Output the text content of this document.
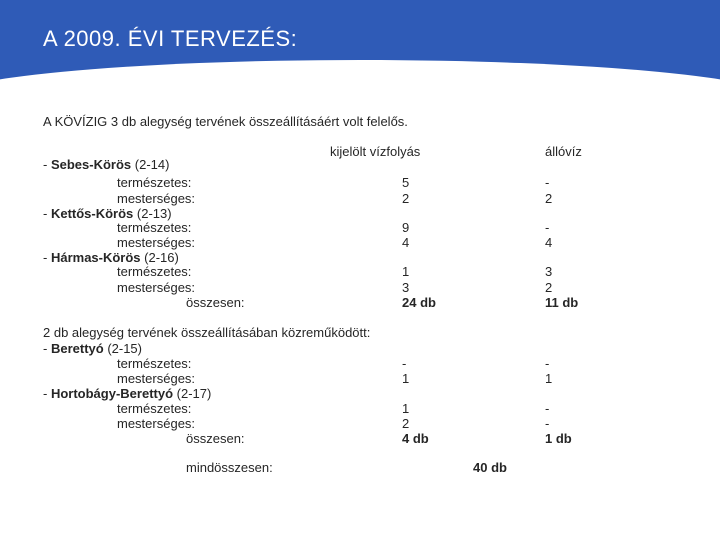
A 2009. ÉVI TERVEZÉS:
A KÖVÍZIG 3 db alegység tervének összeállításáért volt felelős.
kijelölt vízfolyás	állóvíz
- Sebes-Körös (2-14)
természetes:	5	-
mesterséges:	2	2
- Kettős-Körös (2-13)
természetes:	9	-
mesterséges:	4	4
- Hármas-Körös (2-16)
természetes:	1	3
mesterséges:	3	2
összesen:	24 db	11 db
2 db alegység tervének összeállításában közreműködött:
- Berettyó (2-15)
természetes:	-	-
mesterséges:	1	1
- Hortobágy-Berettyó (2-17)
természetes:	1	-
mesterséges:	2	-
összesen:	4 db	1 db
mindösszesen:	40 db
